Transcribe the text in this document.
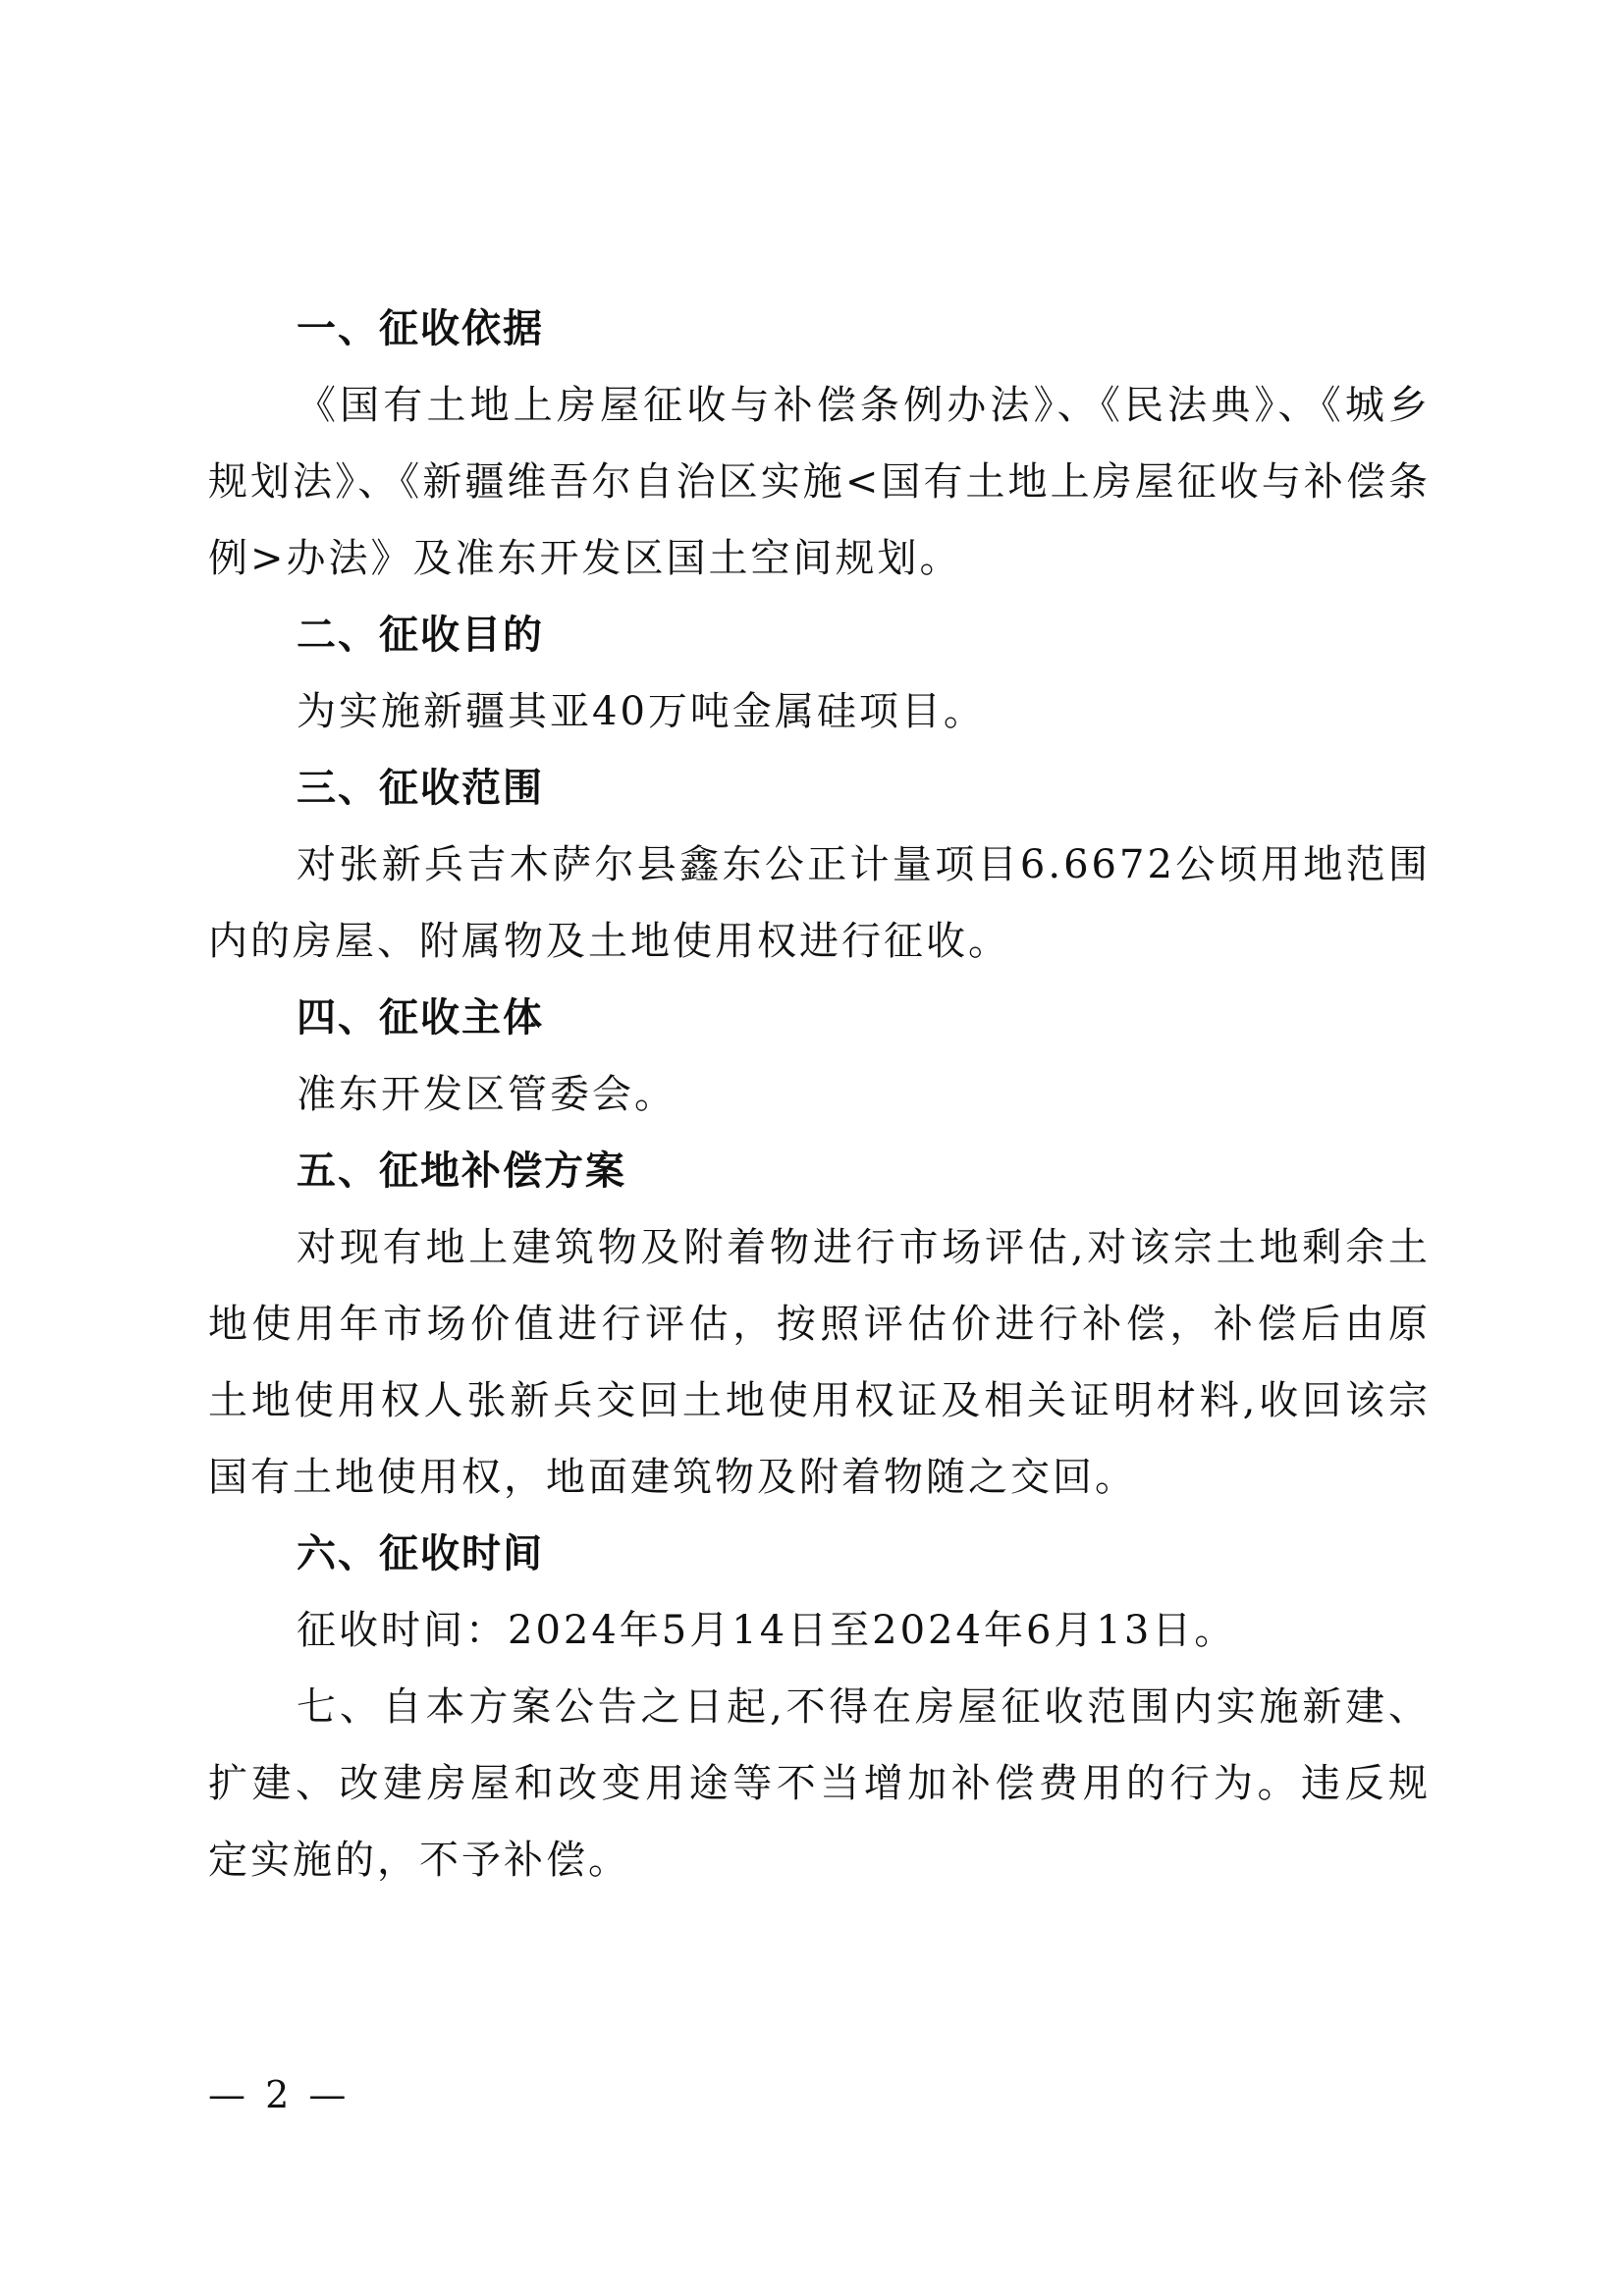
一、征收依据

《国有土地上房屋征收与补偿条例办法》、《民法典》、《城乡规划法》、《新疆维吾尔自治区实施<国有土地上房屋征收与补偿条例>办法》及准东开发区国土空间规划。

二、征收目的

为实施新疆其亚40万吨金属硅项目。

三、征收范围

对张新兵吉木萨尔县鑫东公正计量项目6.6672公顷用地范围内的房屋、附属物及土地使用权进行征收。

四、征收主体

准东开发区管委会。

五、征地补偿方案

对现有地上建筑物及附着物进行市场评估,对该宗土地剩余土地使用年市场价值进行评估，按照评估价进行补偿，补偿后由原土地使用权人张新兵交回土地使用权证及相关证明材料,收回该宗国有土地使用权，地面建筑物及附着物随之交回。

六、征收时间

征收时间：2024年5月14日至2024年6月13日。

七、自本方案公告之日起,不得在房屋征收范围内实施新建、扩建、改建房屋和改变用途等不当增加补偿费用的行为。违反规定实施的，不予补偿。

— 2 —
